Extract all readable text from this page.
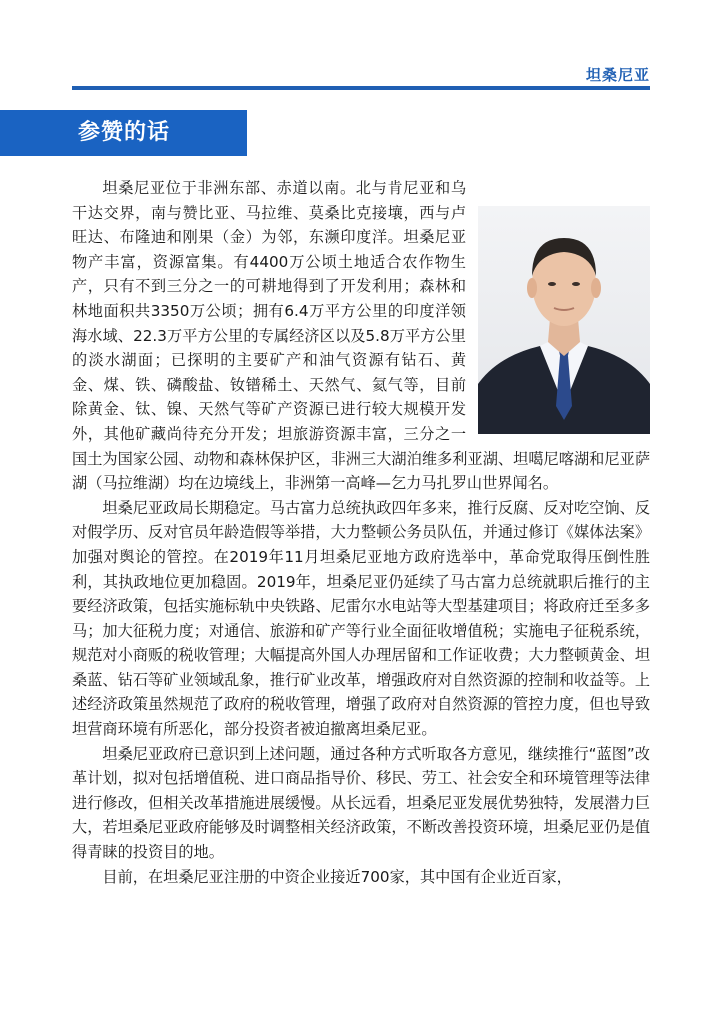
坦桑尼亚
参赞的话

坦桑尼亚位于非洲东部、赤道以南。北与肯尼亚和乌干达交界，南与赞比亚、马拉维、莫桑比克接壤，西与卢旺达、布隆迪和刚果（金）为邻，东濒印度洋。坦桑尼亚物产丰富，资源富集。有4400万公顷土地适合农作物生产，只有不到三分之一的可耕地得到了开发利用；森林和林地面积共3350万公顷；拥有6.4万平方公里的印度洋领海水域、22.3万平方公里的专属经济区以及5.8万平方公里的淡水湖面；已探明的主要矿产和油气资源有钻石、黄金、煤、铁、磷酸盐、钕镨稀土、天然气、氦气等，目前除黄金、钛、镍、天然气等矿产资源已进行较大规模开发外，其他矿藏尚待充分开发；坦旅游资源丰富，三分之一国土为国家公园、动物和森林保护区，非洲三大湖泊维多利亚湖、坦噶尼喀湖和尼亚萨湖（马拉维湖）均在边境线上，非洲第一高峰—乞力马扎罗山世界闻名。

坦桑尼亚政局长期稳定。马古富力总统执政四年多来，推行反腐、反对吃空饷、反对假学历、反对官员年龄造假等举措，大力整顿公务员队伍，并通过修订《媒体法案》加强对舆论的管控。在2019年11月坦桑尼亚地方政府选举中，革命党取得压倒性胜利，其执政地位更加稳固。2019年，坦桑尼亚仍延续了马古富力总统就职后推行的主要经济政策，包括实施标轨中央铁路、尼雷尔水电站等大型基建项目；将政府迁至多多马；加大征税力度；对通信、旅游和矿产等行业全面征收增值税；实施电子征税系统，规范对小商贩的税收管理；大幅提高外国人办理居留和工作证收费；大力整顿黄金、坦桑蓝、钻石等矿业领域乱象，推行矿业改革，增强政府对自然资源的控制和收益等。上述经济政策虽然规范了政府的税收管理，增强了政府对自然资源的管控力度，但也导致坦营商环境有所恶化，部分投资者被迫撤离坦桑尼亚。

坦桑尼亚政府已意识到上述问题，通过各种方式听取各方意见，继续推行“蓝图”改革计划，拟对包括增值税、进口商品指导价、移民、劳工、社会安全和环境管理等法律进行修改，但相关改革措施进展缓慢。从长远看，坦桑尼亚发展优势独特，发展潜力巨大，若坦桑尼亚政府能够及时调整相关经济政策，不断改善投资环境，坦桑尼亚仍是值得青睐的投资目的地。

目前，在坦桑尼亚注册的中资企业接近700家，其中国有企业近百家，
